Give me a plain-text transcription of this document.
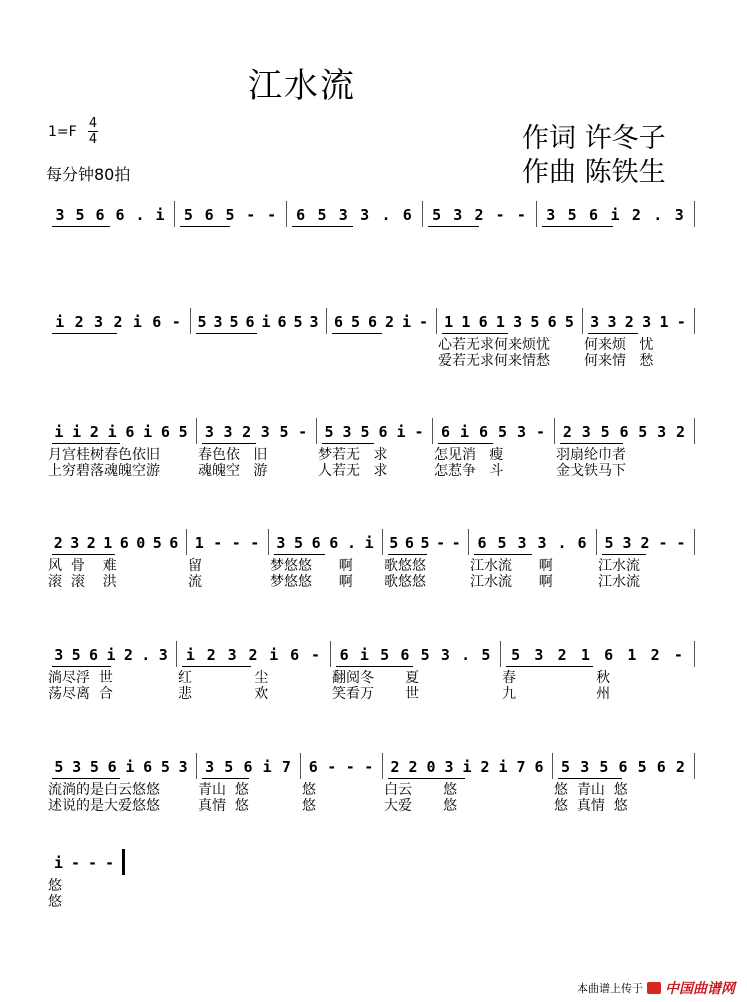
江水流
1=F
4
4
每分钟80拍
作词 许冬子
作曲 陈铁生
3 5 6 6 . i 5 6 5 - - 6 5 3 3 . 6 5 3 2 - - 3 5 6 i 2 . 3
i 2 3 2 i 6 - 5 3 5 6 i 6 5 3 6 5 6 2 i - 1 1 6 1 3 5 6 5
心若无求何来烦忧
爱若无求何来情愁
3 3 2 3 1 -
何来烦   忧
何来情   愁
i i 2 i 6 i 6 5
月宫桂树春色依旧
上穷碧落魂魄空游
3 3 2 3 5 -
春色依   旧
魂魄空   游
5 3 5 6 i -
梦若无   求
人若无   求
6 i 6 5 3 -
怎见消   瘦
怎惹争   斗
2 3 5 6 5 3 2
羽扇纶巾者
金戈铁马下
2 3 2 1 6 0 5 6
风  骨    难
滚  滚    洪
1 - - -
留
流
3 5 6 6 . i
梦悠悠      啊
梦悠悠      啊
5 6 5 - -
歌悠悠
歌悠悠
6 5 3 3 . 6
江水流      啊
江水流      啊
5 3 2 - -
江水流
江水流
3 5 6 i 2 . 3
淌尽浮  世
荡尽离  合
i 2 3 2 i 6 -
红              尘
悲              欢
6 i 5 6 5 3 . 5
翻阅冬       夏
笑看万       世
5 3 2 1 6 1 2 -
春                  秋
九                  州
5 3 5 6 i 6 5 3
流淌的是白云悠悠
述说的是大爱悠悠
3 5 6 i 7
青山  悠
真情  悠
6 - - -
悠
悠
2 2 0 3 i 2 i 7 6
白云       悠
大爱       悠
5 3 5 6 5 6 2
悠  青山  悠
悠  真情  悠
i - - -
悠
悠
本曲谱上传于 中国曲谱网
